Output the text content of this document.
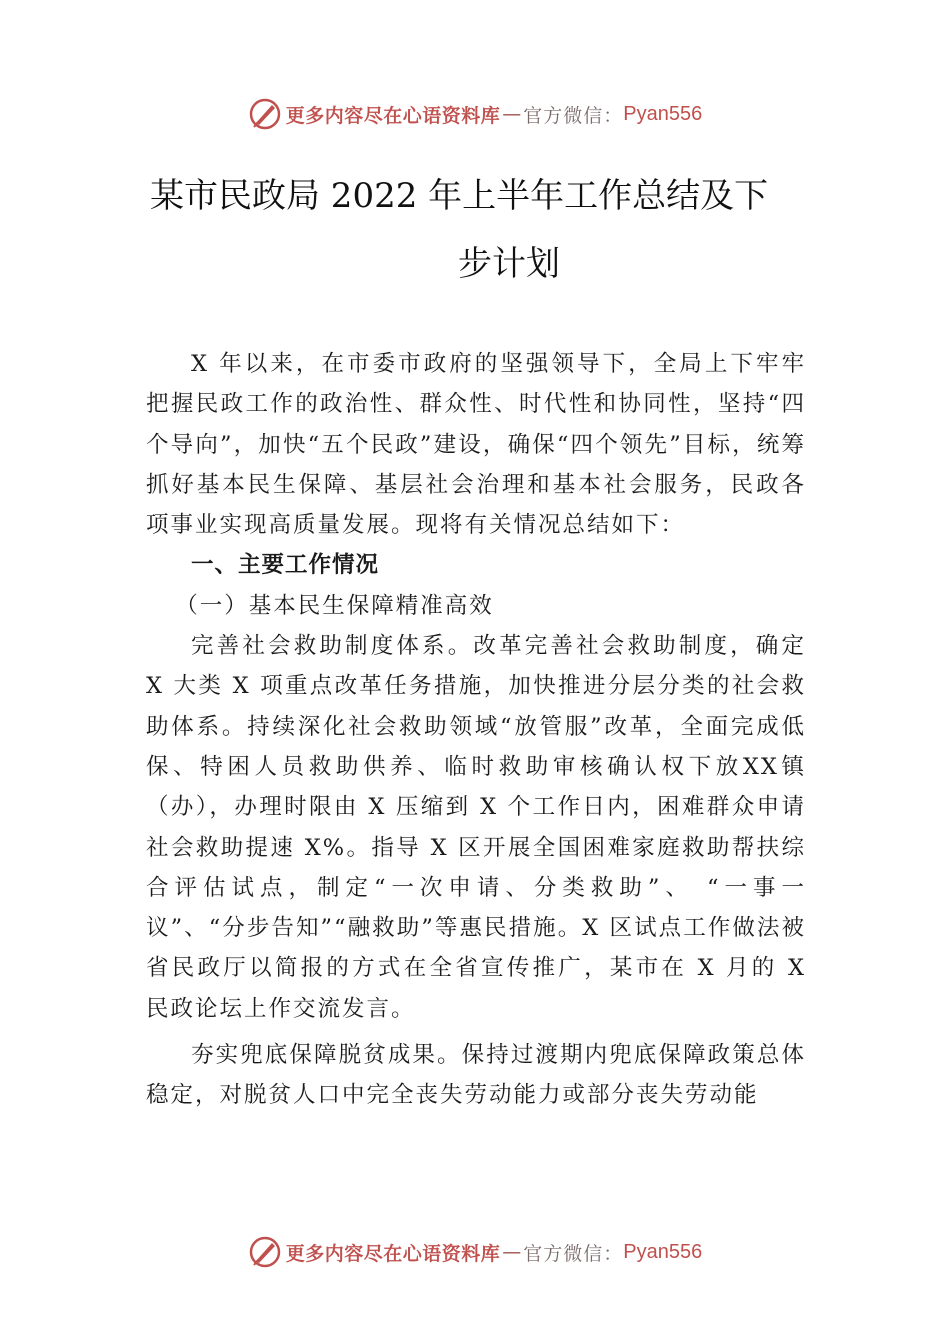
更多内容尽在心语资料库 — 官方微信： Pyan556
某市民政局 2022 年上半年工作总结及下
步计划

X 年以来，在市委市政府的坚强领导下，全局上下牢牢把握民政工作的政治性、群众性、时代性和协同性，坚持“四个导向”，加快“五个民政”建设，确保“四个领先”目标，统筹抓好基本民生保障、基层社会治理和基本社会服务，民政各项事业实现高质量发展。现将有关情况总结如下：

一、主要工作情况

（一）基本民生保障精准高效

完善社会救助制度体系。改革完善社会救助制度，确定 X 大类 X 项重点改革任务措施，加快推进分层分类的社会救助体系。持续深化社会救助领域“放管服”改革，全面完成低保、特困人员救助供养、临时救助审核确认权下放XX镇（办），办理时限由 X 压缩到 X 个工作日内，困难群众申请社会救助提速 X%。指导 X 区开展全国困难家庭救助帮扶综合评估试点，制定“一次申请、分类救助”、 “一事一议”、“分步告知”“融救助”等惠民措施。X 区试点工作做法被省民政厅以简报的方式在全省宣传推广，某市在 X 月的 X 民政论坛上作交流发言。

夯实兜底保障脱贫成果。保持过渡期内兜底保障政策总体稳定，对脱贫人口中完全丧失劳动能力或部分丧失劳动能

更多内容尽在心语资料库 — 官方微信： Pyan556
